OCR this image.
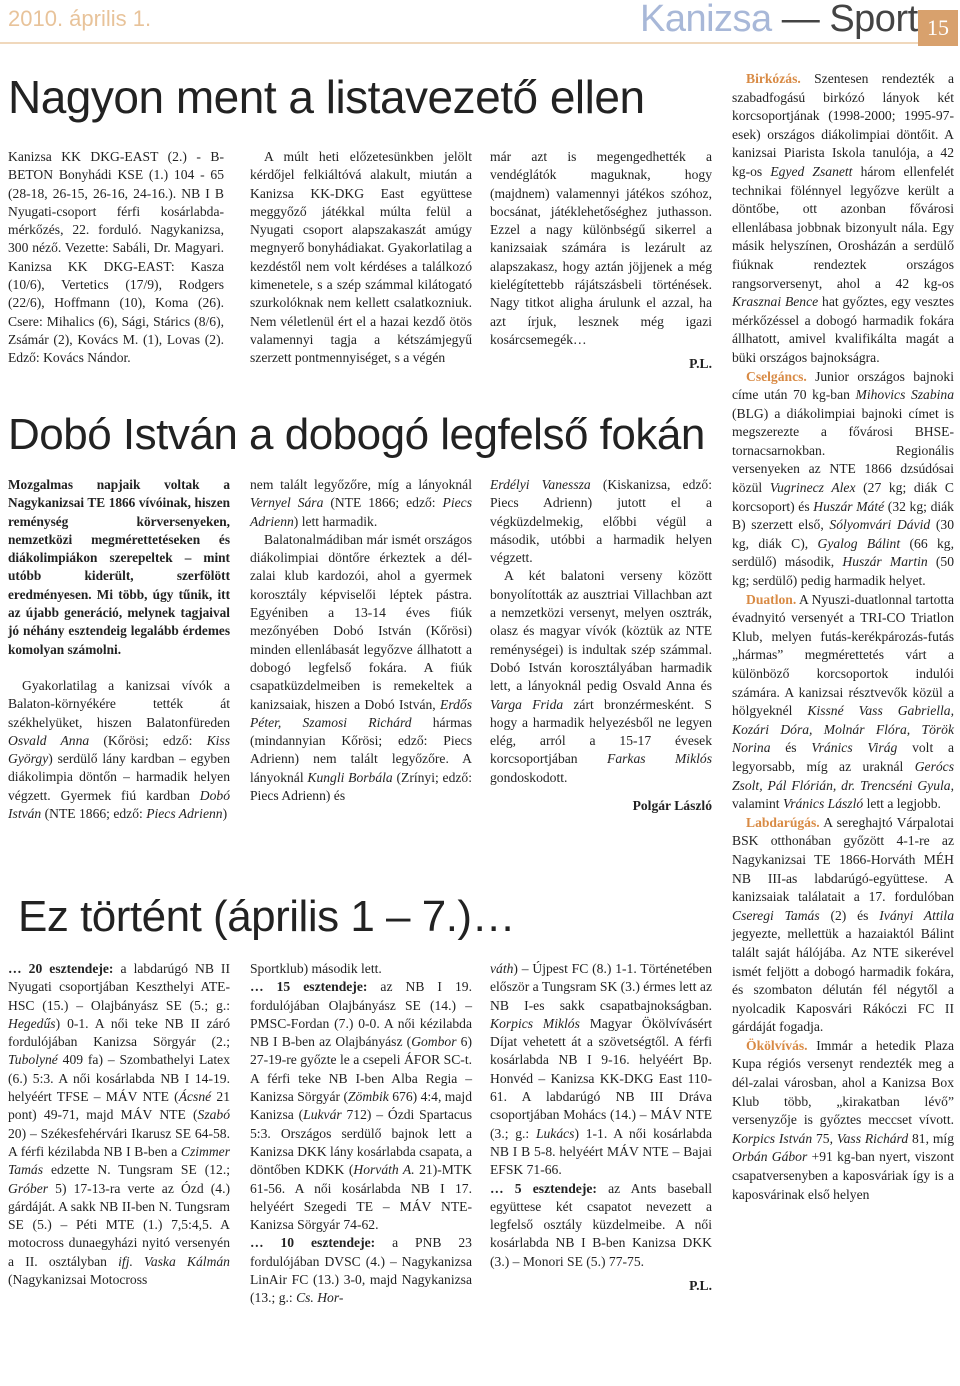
2010. április 1.	Kanizsa — Sport 15
Nagyon ment a listavezető ellen

Kanizsa KK DKG-EAST (2.) - B-BETON Bonyhádi KSE (1.) 104 - 65 (28-18, 26-15, 26-16, 24-16.). NB I B Nyugati-csoport férfi kosárlabda-mérkőzés, 22. forduló. Nagykanizsa, 300 néző. Vezette: Sabáli, Dr. Magyari. Kanizsa KK DKG-EAST: Kasza (10/6), Vertetics (17/9), Rodgers (22/6), Hoffmann (10), Koma (26). Csere: Mihalics (6), Sági, Stárics (8/6), Zsámár (2), Kovács M. (1), Lovas (2). Edző: Kovács Nándor.

A múlt heti előzetesünkben jelölt kérdőjel felkiáltóvá alakult, miután a Kanizsa KK-DKG East együttese meggyőző játékkal múlta felül a Nyugati csoport alapszakaszát amúgy megnyerő bonyhádiakat. Gyakorlatilag a kezdéstől nem volt kérdéses a találkozó kimenetele, s a szép számmal kilátogató szurkolóknak nem kellett csalatkozniuk. Nem véletlenül ért el a hazai kezdő ötös valamennyi tagja a kétszámjegyű szerzett pontmennyiséget, s a végén

már azt is megengedhették a vendéglátók maguknak, hogy (majdnem) valamennyi játékos szóhoz, bocsánat, játéklehetőséghez juthasson. Ezzel a nagy különbségű sikerrel a kanizsaiak számára is lezárult az alapszakasz, hogy aztán jöjjenek a még kielégítettebb rájátszásbeli történések. Nagy titkot aligha árulunk el azzal, ha azt írjuk, lesznek még igazi kosárcsemegék…

P.L.

Dobó István a dobogó legfelső fokán

Mozgalmas napjaik voltak a Nagykanizsai TE 1866 vívóinak, hiszen reménység körversenyeken, nemzetközi megmérettetéseken és diákolimpiákon szerepeltek – mint utóbb kiderült, szerfölött eredményesen. Mi több, úgy tűnik, itt az újabb generáció, melynek tagjaival jó néhány esztendeig legalább érdemes komolyan számolni.

Gyakorlatilag a kanizsai vívók a Balaton-környékére tették át székhelyüket, hiszen Balatonfüreden Osvald Anna (Kőrösi; edző: Kiss György) serdülő lány kardban – egyben diákolimpia döntőn – harmadik helyen végzett. Gyermek fiú kardban Dobó István (NTE 1866; edző: Piecs Adrienn)

nem talált legyőzőre, míg a lányoknál Vernyel Sára (NTE 1866; edző: Piecs Adrienn) lett harmadik.

Balatonalmádiban már ismét országos diákolimpiai döntőre érkeztek a dél-zalai klub kardozói, ahol a gyermek korosztály képviselői léptek pástra. Egyéniben a 13-14 éves fiúk mezőnyében Dobó István (Kőrösi) minden ellenlábasát legyőzve állhatott a dobogó legfelső fokára. A fiúk csapatküzdelmeiben is remekeltek a kanizsaiak, hiszen a Dobó István, Erdős Péter, Szamosi Richárd hármas (mindannyian Kőrösi; edző: Piecs Adrienn) nem talált legyőzőre. A lányoknál Kungli Borbála (Zrínyi; edző: Piecs Adrienn) és

Erdélyi Vanessza (Kiskanizsa, edző: Piecs Adrienn) jutott el a végküzdelmekig, előbbi végül a második, utóbbi a harmadik helyen végzett.

A két balatoni verseny között bonyolították az ausztriai Villachban azt a nemzetközi versenyt, melyen osztrák, olasz és magyar vívók (köztük az NTE reménységei) is indultak szép számmal. Dobó István korosztályában harmadik lett, a lányoknál pedig Osvald Anna és Varga Frida zárt bronzérmesként. S hogy a harmadik helyezésből ne legyen elég, arról a 15-17 évesek korcsoportjában Farkas Miklós gondoskodott.

Polgár László

Ez történt (április 1 – 7.)…

… 20 esztendeje: a labdarúgó NB II Nyugati csoportjában Keszthelyi ATE-HSC (15.) – Olajbányász SE (5.; g.: Hegedűs) 0-1. A női teke NB II záró fordulójában Kanizsa Sörgyár (2.; Tubolyné 409 fa) – Szombathelyi Latex (6.) 5:3. A női kosárlabda NB I 14-19. helyéért TFSE – MÁV NTE (Ácsné 21 pont) 49-71, majd MÁV NTE (Szabó 20) – Székesfehérvári Ikarusz SE 64-58. A férfi kézilabda NB I B-ben a Czimmer Tamás edzette N. Tungsram SE (12.; Gróber 5) 17-13-ra verte az Ózd (4.) gárdáját. A sakk NB II-ben N. Tungsram SE (5.) – Péti MTE (1.) 7,5:4,5. A motocross dunaegyházi nyitó versenyén a II. osztályban ifj. Vaska Kálmán (Nagykanizsai Motocross

Sportklub) második lett.

… 15 esztendeje: az NB I 19. fordulójában Olajbányász SE (14.) – PMSC-Fordan (7.) 0-0. A női kézilabda NB I B-ben az Olajbányász (Gombor 6) 27-19-re győzte le a csepeli ÁFOR SC-t. A férfi teke NB I-ben Alba Regia – Kanizsa Sörgyár (Zömbik 676) 4:4, majd Kanizsa (Lukvár 712) – Ózdi Spartacus 5:3. Országos serdülő bajnok lett a Kanizsa DKK lány kosárlabda csapata, a döntőben KDKK (Horváth A. 21)-MTK 61-56. A női kosárlabda NB I 17. helyéért Szegedi TE – MÁV NTE-Kanizsa Sörgyár 74-62.

… 10 esztendeje: a PNB 23 fordulójában DVSC (4.) – Nagykanizsa LinAir FC (13.) 3-0, majd Nagykanizsa (13.; g.: Cs. Hor-

váth) – Újpest FC (8.) 1-1. Történetében először a Tungsram SK (3.) érmes lett az NB I-es sakk csapatbajnokságban. Korpics Miklós Magyar Ökölvívásért Díjat vehetett át a szövetségtől. A férfi kosárlabda NB I 9-16. helyéért Bp. Honvéd – Kanizsa KK-DKG East 110-61. A labdarúgó NB III Dráva csoportjában Mohács (14.) – MÁV NTE (3.; g.: Lukács) 1-1. A női kosárlabda NB I B 5-8. helyéért MÁV NTE – Bajai EFSK 71-66.

… 5 esztendeje: az Ants baseball együttese két csapatot nevezett a legfelső osztály küzdelmeibe. A női kosárlabda NB I B-ben Kanizsa DKK (3.) – Monori SE (5.) 77-75.

P.L.

Birkózás. Szentesen rendezték a szabadfogású birkózó lányok két korcsoportjának (1998-2000; 1995-97-esek) országos diákolimpiai döntőit. A kanizsai Piarista Iskola tanulója, a 42 kg-os Egyed Zsanett három ellenfelét technikai fölénnyel legyőzve került a döntőbe, ott azonban fővárosi ellenlábasa jobbnak bizonyult nála. Egy másik helyszínen, Orosházán a serdülő fiúknak rendeztek országos rangsorversenyt, ahol a 42 kg-os Krasznai Bence hat győztes, egy vesztes mérkőzéssel a dobogó harmadik fokára állhatott, amivel kvalifikálta magát a büki országos bajnokságra.

Cselgáncs. Junior országos bajnoki címe után 70 kg-ban Mihovics Szabina (BLG) a diákolimpiai bajnoki címet is megszerezte a fővárosi BHSE-tornacsarnokban. Regionális versenyeken az NTE 1866 dzsúdósai közül Vugrinecz Alex (27 kg; diák C korcsoport) és Huszár Máté (32 kg; diák B) szerzett első, Sólyomvári Dávid (30 kg, diák C), Gyalog Bálint (66 kg, serdülő) második, Huszár Martin (50 kg; serdülő) pedig harmadik helyet.

Duatlon. A Nyuszi-duatlonnal tartotta évadnyitó versenyét a TRI-CO Triatlon Klub, melyen futás-kerékpározás-futás „hármas” megmérettetés várt a különböző korcsoportok indulói számára. A kanizsai résztvevők közül a hölgyeknél Kissné Vass Gabriella, Kozári Dóra, Molnár Flóra, Török Norina és Vránics Virág volt a legyorsabb, míg az uraknál Gerócs Zsolt, Pál Flórián, dr. Trencséni Gyula, valamint Vránics László lett a legjobb.

Labdarúgás. A sereghajtó Várpalotai BSK otthonában győzött 4-1-re az Nagykanizsai TE 1866-Horváth MÉH NB III-as labdarúgó-együttese. A kanizsaiak találatait a 17. fordulóban Cseregi Tamás (2) és Iványi Attila jegyezte, mellettük a hazaiaktól Bálint talált saját hálójába. Az NTE sikerével ismét feljött a dobogó harmadik fokára, és szombaton délután fél négytől a nyolcadik Kaposvári Rákóczi FC II gárdáját fogadja.

Ökölvívás. Immár a hetedik Plaza Kupa régiós versenyt rendezték meg a dél-zalai városban, ahol a Kanizsa Box Klub több, „kirakatban lévő” versenyzője is győztes meccset vívott. Korpics István 75, Vass Richárd 81, míg Orbán Gábor +91 kg-ban nyert, viszont csapatversenyben a kaposváriak így is a kaposvárinak első helyen
